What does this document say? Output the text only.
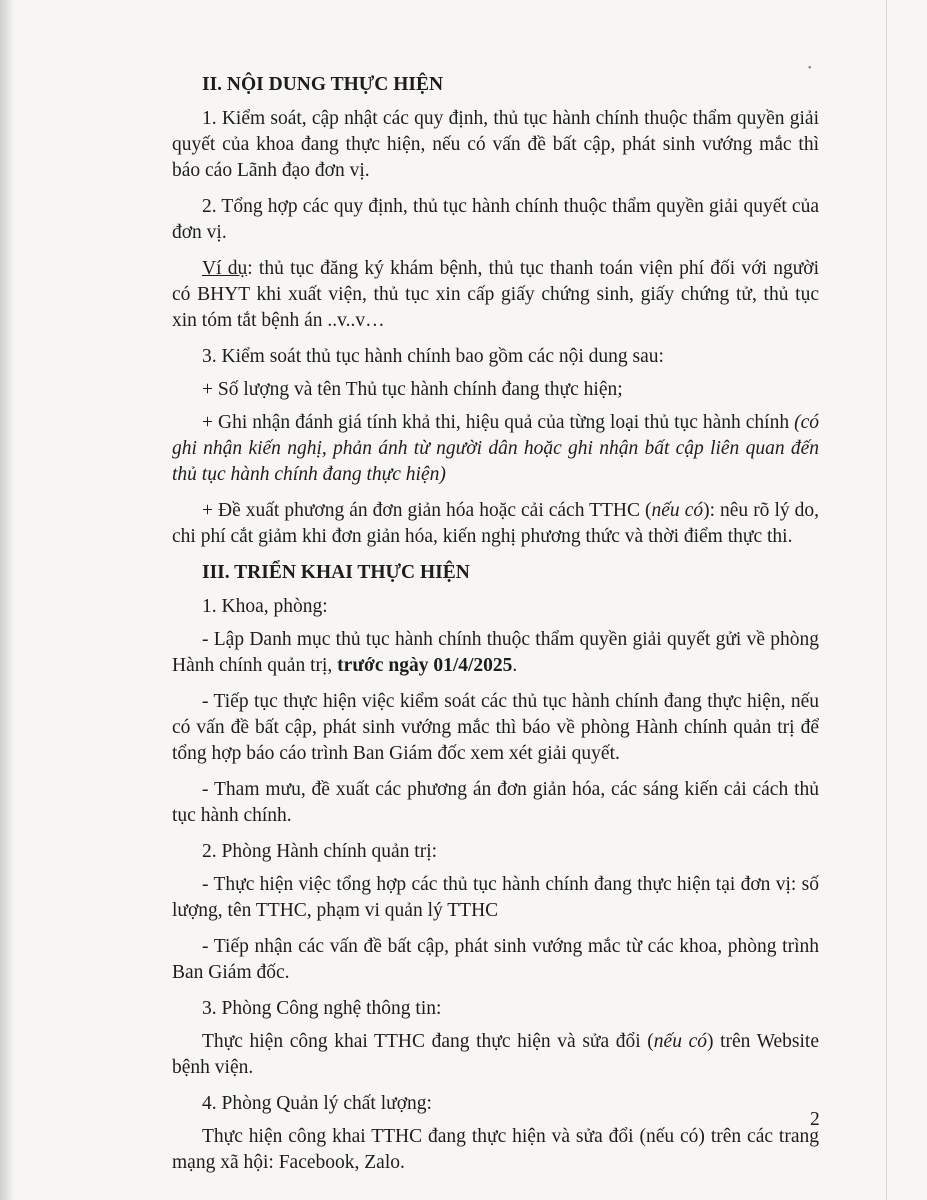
•
II. NỘI DUNG THỰC HIỆN

1. Kiểm soát, cập nhật các quy định, thủ tục hành chính thuộc thẩm quyền giải quyết của khoa đang thực hiện, nếu có vấn đề bất cập, phát sinh vướng mắc thì báo cáo Lãnh đạo đơn vị.

2. Tổng hợp các quy định, thủ tục hành chính thuộc thẩm quyền giải quyết của đơn vị.

Ví dụ: thủ tục đăng ký khám bệnh, thủ tục thanh toán viện phí đối với người có BHYT khi xuất viện, thủ tục xin cấp giấy chứng sinh, giấy chứng tử, thủ tục xin tóm tắt bệnh án ..v..v…

3. Kiểm soát thủ tục hành chính bao gồm các nội dung sau:

+ Số lượng và tên Thủ tục hành chính đang thực hiện;

+ Ghi nhận đánh giá tính khả thi, hiệu quả của từng loại thủ tục hành chính (có ghi nhận kiến nghị, phản ánh từ người dân hoặc ghi nhận bất cập liên quan đến thủ tục hành chính đang thực hiện)

+ Đề xuất phương án đơn giản hóa hoặc cải cách TTHC (nếu có): nêu rõ lý do, chi phí cắt giảm khi đơn giản hóa, kiến nghị phương thức và thời điểm thực thi.

III. TRIỂN KHAI THỰC HIỆN

1. Khoa, phòng:

- Lập Danh mục thủ tục hành chính thuộc thẩm quyền giải quyết gửi về phòng Hành chính quản trị, trước ngày 01/4/2025.

- Tiếp tục thực hiện việc kiểm soát các thủ tục hành chính đang thực hiện, nếu có vấn đề bất cập, phát sinh vướng mắc thì báo về phòng Hành chính quản trị để tổng hợp báo cáo trình Ban Giám đốc xem xét giải quyết.

- Tham mưu, đề xuất các phương án đơn giản hóa, các sáng kiến cải cách thủ tục hành chính.

2. Phòng Hành chính quản trị:

- Thực hiện việc tổng hợp các thủ tục hành chính đang thực hiện tại đơn vị: số lượng, tên TTHC, phạm vi quản lý TTHC

- Tiếp nhận các vấn đề bất cập, phát sinh vướng mắc từ các khoa, phòng trình Ban Giám đốc.

3. Phòng Công nghệ thông tin:

Thực hiện công khai TTHC đang thực hiện và sửa đổi (nếu có) trên Website bệnh viện.

4. Phòng Quản lý chất lượng:

Thực hiện công khai TTHC đang thực hiện và sửa đổi (nếu có) trên các trang mạng xã hội: Facebook, Zalo.

2
